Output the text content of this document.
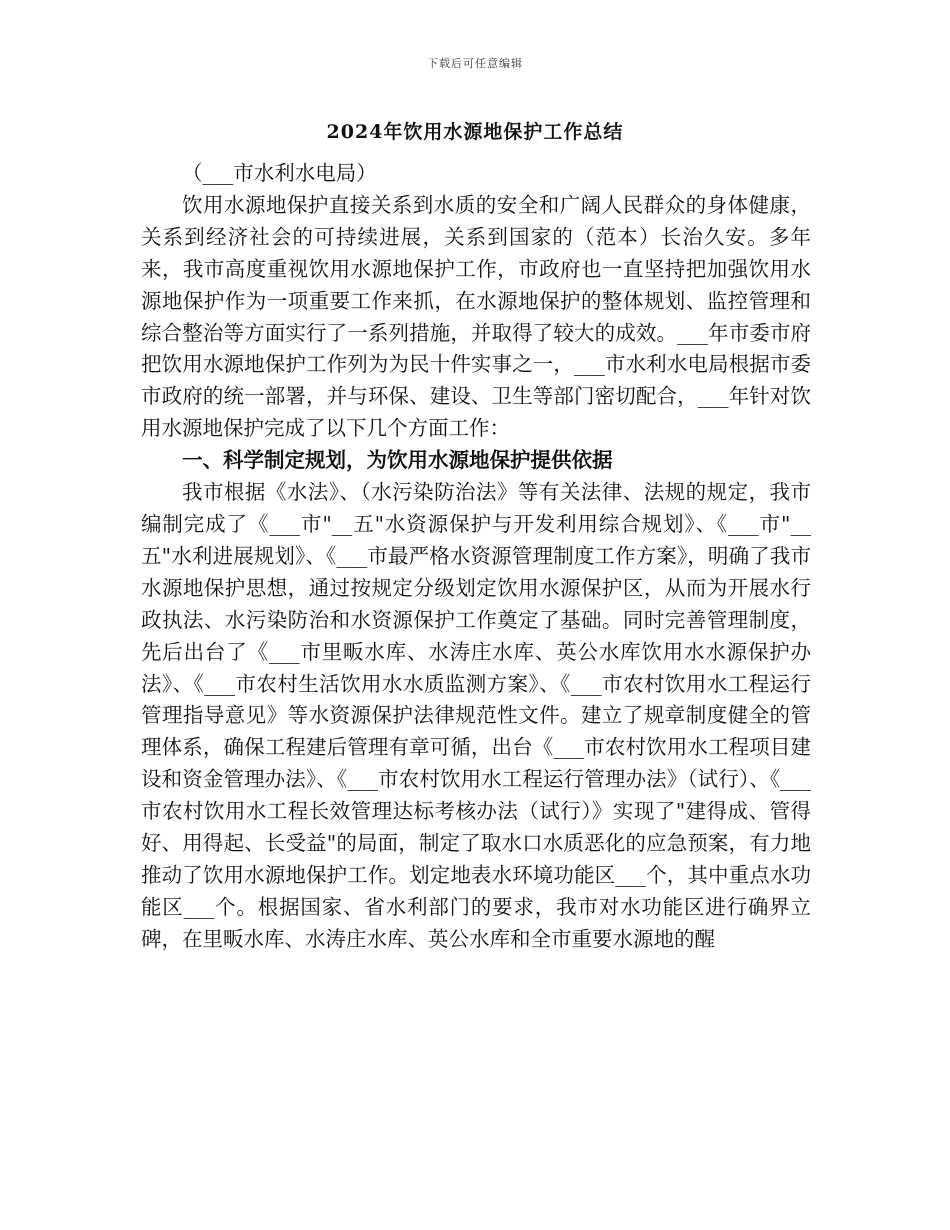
下载后可任意编辑
2024年饮用水源地保护工作总结

（___市水利水电局）

饮用水源地保护直接关系到水质的安全和广阔人民群众的身体健康，关系到经济社会的可持续进展，关系到国家的（范本）长治久安。多年来，我市高度重视饮用水源地保护工作，市政府也一直坚持把加强饮用水源地保护作为一项重要工作来抓，在水源地保护的整体规划、监控管理和综合整治等方面实行了一系列措施，并取得了较大的成效。___年市委市府把饮用水源地保护工作列为为民十件实事之一，___市水利水电局根据市委市政府的统一部署，并与环保、建设、卫生等部门密切配合，___年针对饮用水源地保护完成了以下几个方面工作：

一、科学制定规划，为饮用水源地保护提供依据

我市根据《水法》、（水污染防治法》等有关法律、法规的规定，我市编制完成了《___市"__五"水资源保护与开发利用综合规划》、《___市"__五"水利进展规划》、《___市最严格水资源管理制度工作方案》，明确了我市水源地保护思想，通过按规定分级划定饮用水源保护区，从而为开展水行政执法、水污染防治和水资源保护工作奠定了基础。同时完善管理制度，先后出台了《___市里畈水库、水涛庄水库、英公水库饮用水水源保护办法》、《___市农村生活饮用水水质监测方案》、《___市农村饮用水工程运行管理指导意见》等水资源保护法律规范性文件。建立了规章制度健全的管理体系，确保工程建后管理有章可循，出台《___市农村饮用水工程项目建设和资金管理办法》、《___市农村饮用水工程运行管理办法》（试行）、《___市农村饮用水工程长效管理达标考核办法（试行）》实现了"建得成、管得好、用得起、长受益"的局面，制定了取水口水质恶化的应急预案，有力地推动了饮用水源地保护工作。划定地表水环境功能区___个，其中重点水功能区___个。根据国家、省水利部门的要求，我市对水功能区进行确界立碑，在里畈水库、水涛庄水库、英公水库和全市重要水源地的醒
